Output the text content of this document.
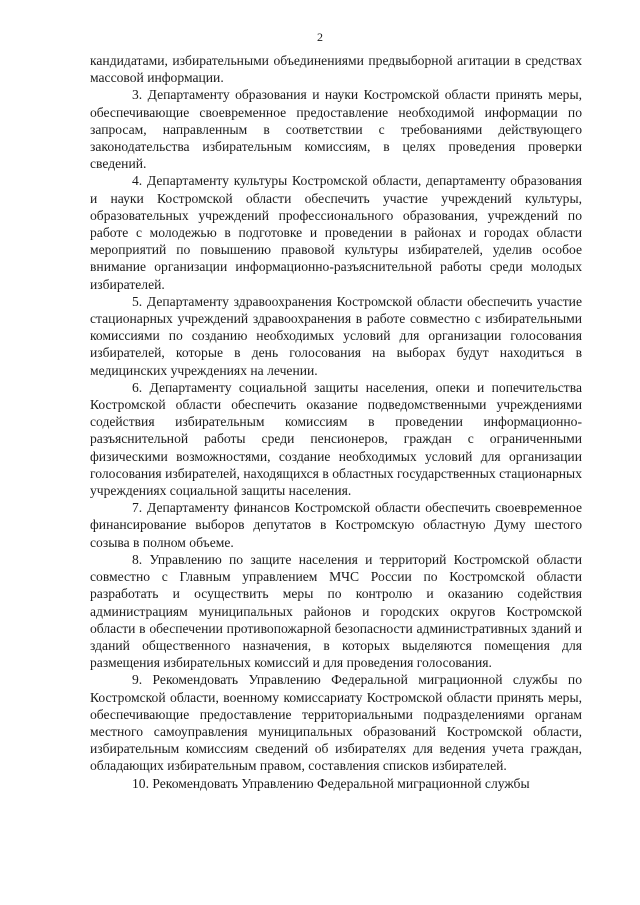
2

кандидатами, избирательными объединениями предвыборной агитации в средствах массовой информации.

3. Департаменту образования и науки Костромской области принять меры, обеспечивающие своевременное предоставление необходимой информации по запросам, направленным в соответствии с требованиями действующего законодательства избирательным комиссиям, в целях проведения проверки сведений.

4. Департаменту культуры Костромской области, департаменту образования и науки Костромской области обеспечить участие учреждений культуры, образовательных учреждений профессионального образования, учреждений по работе с молодежью в подготовке и проведении в районах и городах области мероприятий по повышению правовой культуры избирателей, уделив особое внимание организации информационно-разъяснительной работы среди молодых избирателей.

5. Департаменту здравоохранения Костромской области обеспечить участие стационарных учреждений здравоохранения в работе совместно с избирательными комиссиями по созданию необходимых условий для организации голосования избирателей, которые в день голосования на выборах будут находиться в медицинских учреждениях на лечении.

6. Департаменту социальной защиты населения, опеки и попечительства Костромской области обеспечить оказание подведомственными учреждениями содействия избирательным комиссиям в проведении информационно-разъяснительной работы среди пенсионеров, граждан с ограниченными физическими возможностями, создание необходимых условий для организации голосования избирателей, находящихся в областных государственных стационарных учреждениях социальной защиты населения.

7. Департаменту финансов Костромской области обеспечить своевременное финансирование выборов депутатов в Костромскую областную Думу шестого созыва в полном объеме.

8. Управлению по защите населения и территорий Костромской области совместно с Главным управлением МЧС России по Костромской области разработать и осуществить меры по контролю и оказанию содействия администрациям муниципальных районов и городских округов Костромской области в обеспечении противопожарной безопасности административных зданий и зданий общественного назначения, в которых выделяются помещения для размещения избирательных комиссий и для проведения голосования.

9. Рекомендовать Управлению Федеральной миграционной службы по Костромской области, военному комиссариату Костромской области принять меры, обеспечивающие предоставление территориальными подразделениями органам местного самоуправления муниципальных образований Костромской области, избирательным комиссиям сведений об избирателях для ведения учета граждан, обладающих избирательным правом, составления списков избирателей.

10. Рекомендовать Управлению Федеральной миграционной службы
